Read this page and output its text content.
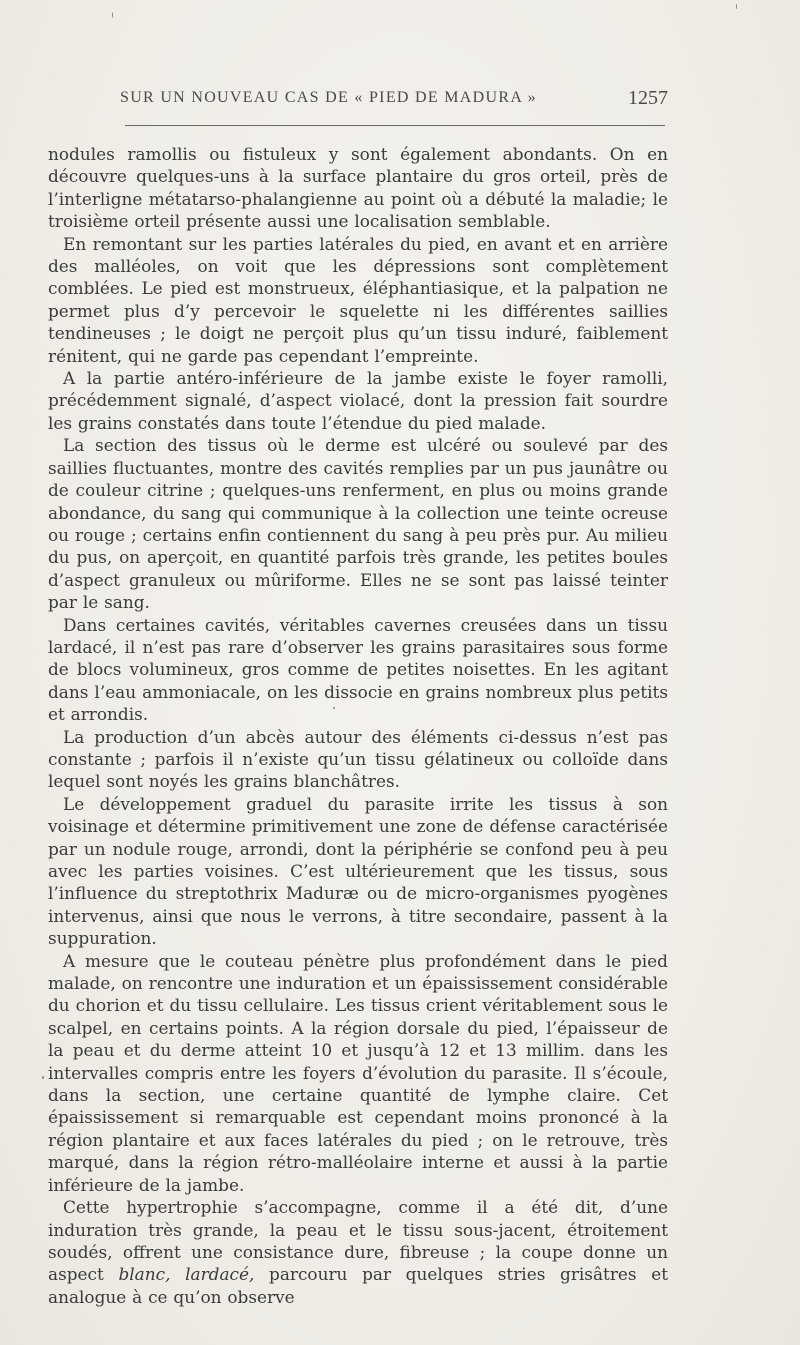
SUR UN NOUVEAU CAS DE « PIED DE MADURA »	1257

nodules ramollis ou fistuleux y sont également abondants. On en découvre quelques-uns à la surface plantaire du gros orteil, près de l’interligne métatarso-phalangienne au point où a débuté la maladie; le troisième orteil présente aussi une localisation semblable.

En remontant sur les parties latérales du pied, en avant et en arrière des malléoles, on voit que les dépressions sont complètement comblées. Le pied est monstrueux, éléphantiasique, et la palpation ne permet plus d’y percevoir le squelette ni les différentes saillies tendineuses ; le doigt ne perçoit plus qu’un tissu induré, faiblement rénitent, qui ne garde pas cependant l’empreinte.

A la partie antéro-inférieure de la jambe existe le foyer ramolli, précédemment signalé, d’aspect violacé, dont la pression fait sourdre les grains constatés dans toute l’étendue du pied malade.

La section des tissus où le derme est ulcéré ou soulevé par des saillies fluctuantes, montre des cavités remplies par un pus jaunâtre ou de couleur citrine ; quelques-uns renferment, en plus ou moins grande abondance, du sang qui communique à la collection une teinte ocreuse ou rouge ; certains enfin contiennent du sang à peu près pur. Au milieu du pus, on aperçoit, en quantité parfois très grande, les petites boules d’aspect granuleux ou mûriforme. Elles ne se sont pas laissé teinter par le sang.

Dans certaines cavités, véritables cavernes creusées dans un tissu lardacé, il n’est pas rare d’observer les grains parasitaires sous forme de blocs volumineux, gros comme de petites noisettes. En les agitant dans l’eau ammoniacale, on les dissocie en grains nombreux plus petits et arrondis.

La production d’un abcès autour des éléments ci-dessus n’est pas constante ; parfois il n’existe qu’un tissu gélatineux ou colloïde dans lequel sont noyés les grains blanchâtres.

Le développement graduel du parasite irrite les tissus à son voisinage et détermine primitivement une zone de défense caractérisée par un nodule rouge, arrondi, dont la périphérie se confond peu à peu avec les parties voisines. C’est ultérieurement que les tissus, sous l’influence du streptothrix Maduræ ou de micro-organismes pyogènes intervenus, ainsi que nous le verrons, à titre secondaire, passent à la suppuration.

A mesure que le couteau pénètre plus profondément dans le pied malade, on rencontre une induration et un épaississement considérable du chorion et du tissu cellulaire. Les tissus crient véritablement sous le scalpel, en certains points. A la région dorsale du pied, l’épaisseur de la peau et du derme atteint 10 et jusqu’à 12 et 13 millim. dans les intervalles compris entre les foyers d’évolution du parasite. Il s’écoule, dans la section, une certaine quantité de lymphe claire. Cet épaississement si remarquable est cependant moins prononcé à la région plantaire et aux faces latérales du pied ; on le retrouve, très marqué, dans la région rétro-malléolaire interne et aussi à la partie inférieure de la jambe.

Cette hypertrophie s’accompagne, comme il a été dit, d’une induration très grande, la peau et le tissu sous-jacent, étroitement soudés, offrent une consistance dure, fibreuse ; la coupe donne un aspect blanc, lardacé, parcouru par quelques stries grisâtres et analogue à ce qu’on observe
